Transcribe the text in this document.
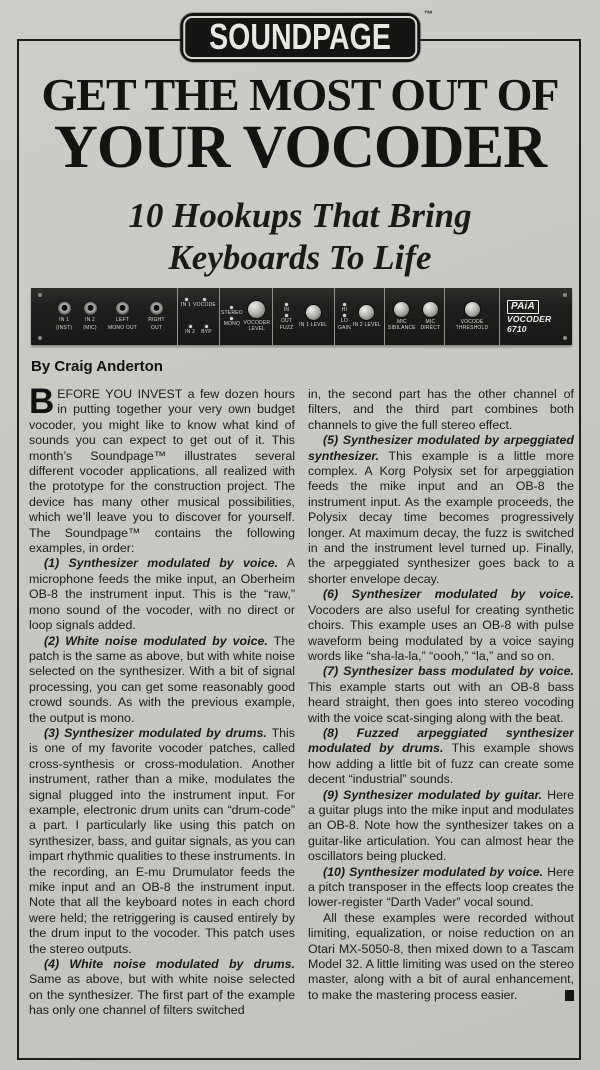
SOUNDPAGE
™
GET THE MOST OUT OF
YOUR VOCODER
10 Hookups That Bring
Keyboards To Life
IN 1
(INST)
IN 2
(MIC)
LEFT
MONO OUT
RIGHT
OUT
IN 1 VOCODE
IN 2 BYP
STEREO
MONO VOCODER LEVEL
IN
OUT
FUZZ IN 1 LEVEL
HI
LO
GAIN IN 2 LEVEL
MIC SIBILANCE
MIC DIRECT
VOCODE THRESHOLD
PAiA
VOCODER
6710
By Craig Anderton

BEFORE YOU INVEST a few dozen hours in putting together your very own budget vocoder, you might like to know what kind of sounds you can expect to get out of it. This month’s Soundpage™ illustrates several different vocoder applications, all realized with the prototype for the construction project. The device has many other musical possibilities, which we’ll leave you to discover for yourself. The Soundpage™ contains the following examples, in order:

(1) Synthesizer modulated by voice. A microphone feeds the mike input, an Oberheim OB-8 the instrument input. This is the “raw,” mono sound of the vocoder, with no direct or loop signals added.

(2) White noise modulated by voice. The patch is the same as above, but with white noise selected on the synthesizer. With a bit of signal processing, you can get some reasonably good crowd sounds. As with the previous example, the output is mono.

(3) Synthesizer modulated by drums. This is one of my favorite vocoder patches, called cross-synthesis or cross-modulation. Another instrument, rather than a mike, modulates the signal plugged into the instrument input. For example, electronic drum units can “drum-code” a part. I particularly like using this patch on synthesizer, bass, and guitar signals, as you can impart rhythmic qualities to these instruments. In the recording, an E-mu Drumulator feeds the mike input and an OB-8 the instrument input. Note that all the keyboard notes in each chord were held; the retriggering is caused entirely by the drum input to the vocoder. This patch uses the stereo outputs.

(4) White noise modulated by drums. Same as above, but with white noise selected on the synthesizer. The first part of the example has only one channel of filters switched

in, the second part has the other channel of filters, and the third part combines both channels to give the full stereo effect.

(5) Synthesizer modulated by arpeggiated synthesizer. This example is a little more complex. A Korg Polysix set for arpeggiation feeds the mike input and an OB-8 the instrument input. As the example proceeds, the Polysix decay time becomes progressively longer. At maximum decay, the fuzz is switched in and the instrument level turned up. Finally, the arpeggiated synthesizer goes back to a shorter envelope decay.

(6) Synthesizer modulated by voice. Vocoders are also useful for creating synthetic choirs. This example uses an OB-8 with pulse waveform being modulated by a voice saying words like “sha-la-la,” “oooh,” “la,” and so on.

(7) Synthesizer bass modulated by voice. This example starts out with an OB-8 bass heard straight, then goes into stereo vocoding with the voice scat-singing along with the beat.

(8) Fuzzed arpeggiated synthesizer modulated by drums. This example shows how adding a little bit of fuzz can create some decent “industrial” sounds.

(9) Synthesizer modulated by guitar. Here a guitar plugs into the mike input and modulates an OB-8. Note how the synthesizer takes on a guitar-like articulation. You can almost hear the oscillators being plucked.

(10) Synthesizer modulated by voice. Here a pitch transposer in the effects loop creates the lower-register “Darth Vader” vocal sound.

All these examples were recorded without limiting, equalization, or noise reduction on an Otari MX-5050-8, then mixed down to a Tascam Model 32. A little limiting was used on the stereo master, along with a bit of aural enhancement, to make the mastering process easier.
